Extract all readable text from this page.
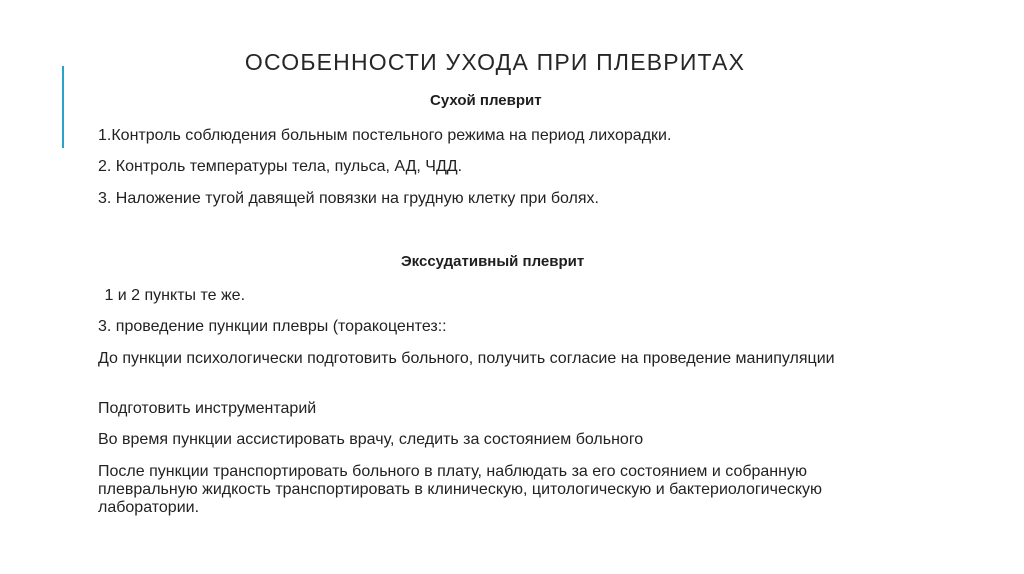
ОСОБЕННОСТИ УХОДА ПРИ ПЛЕВРИТАХ
Сухой плеврит
1.Контроль соблюдения больным постельного режима на период лихорадки.
2. Контроль температуры тела, пульса, АД, ЧДД.
3. Наложение тугой давящей повязки на грудную клетку при болях.
Экссудативный плеврит
1 и 2 пункты те же.
3. проведение пункции плевры (торакоцентез::
До пункции психологически подготовить больного, получить согласие на проведение манипуляции
Подготовить инструментарий
Во время пункции ассистировать врачу, следить за состоянием больного
После пункции транспортировать больного в плату, наблюдать за его состоянием и собранную плевральную жидкость транспортировать в клиническую, цитологическую и бактериологическую лаборатории.
